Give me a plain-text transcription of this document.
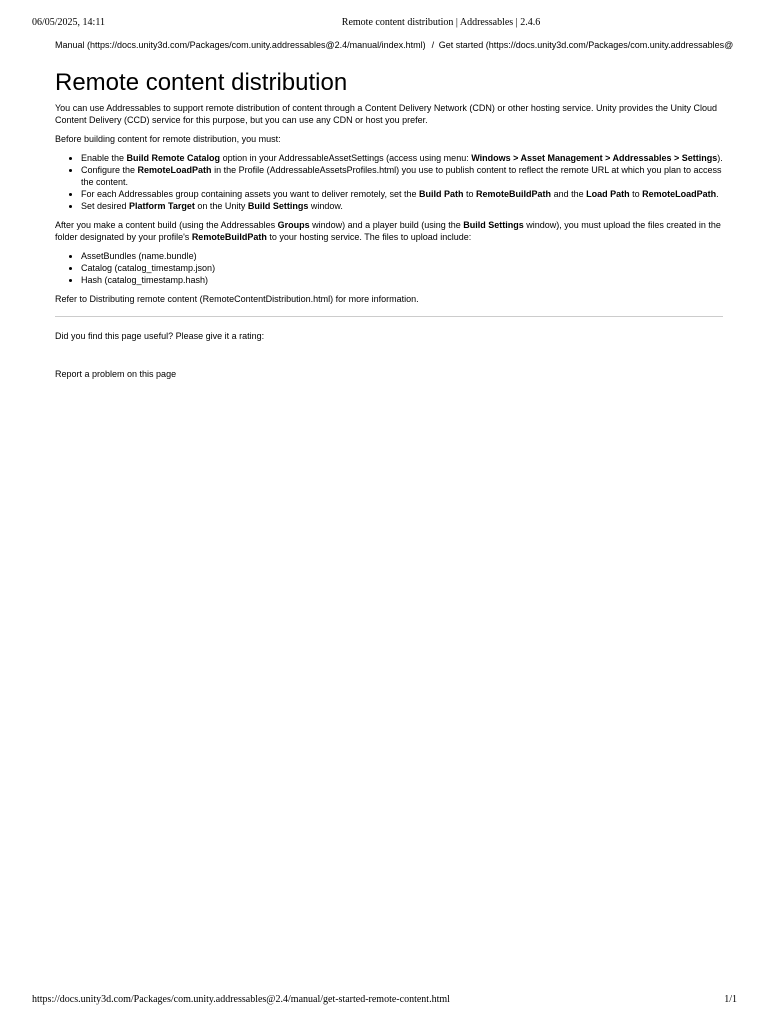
06/05/2025, 14:11	Remote content distribution | Addressables | 2.4.6
Manual (https://docs.unity3d.com/Packages/com.unity.addressables@2.4/manual/index.html) / Get started (https://docs.unity3d.com/Packages/com.unity.addressables@
Remote content distribution

You can use Addressables to support remote distribution of content through a Content Delivery Network (CDN) or other hosting service. Unity provides the Unity Cloud Content Delivery (CCD) service for this purpose, but you can use any CDN or host you prefer.

Before building content for remote distribution, you must:

• Enable the Build Remote Catalog option in your AddressableAssetSettings (access using menu: Windows > Asset Management > Addressables > Settings).
• Configure the RemoteLoadPath in the Profile (AddressableAssetsProfiles.html) you use to publish content to reflect the remote URL at which you plan to access the content.
• For each Addressables group containing assets you want to deliver remotely, set the Build Path to RemoteBuildPath and the Load Path to RemoteLoadPath.
• Set desired Platform Target on the Unity Build Settings window.

After you make a content build (using the Addressables Groups window) and a player build (using the Build Settings window), you must upload the files created in the folder designated by your profile's RemoteBuildPath to your hosting service. The files to upload include:

• AssetBundles (name.bundle)
• Catalog (catalog_timestamp.json)
• Hash (catalog_timestamp.hash)

Refer to Distributing remote content (RemoteContentDistribution.html) for more information.

Did you find this page useful? Please give it a rating:

Report a problem on this page
https://docs.unity3d.com/Packages/com.unity.addressables@2.4/manual/get-started-remote-content.html	1/1
